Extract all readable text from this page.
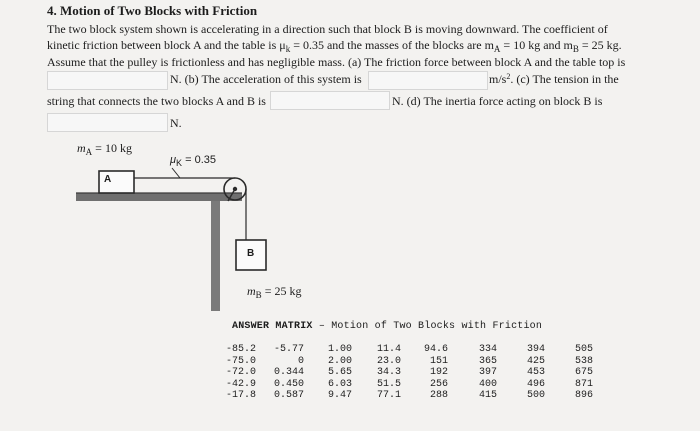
4. Motion of Two Blocks with Friction
The two block system shown is accelerating in a direction such that block B is moving downward. The coefficient of
kinetic friction between block A and the table is $\mu_k = 0.35$ and the masses of the blocks are $m_A = 10$ kg and $m_B = 25$ kg.
Assume that the pulley is frictionless and has negligible mass. (a) The friction force between block A and the table top is
N. (b) The acceleration of this system is	$m/s^2$. (c) The tension in the
string that connects the two blocks A and B is	N. (d) The inertia force acting on block B is
N.
A
B
$m_A = 10$ kg
$\mu_K = 0.35$
$m_B = 25$ kg
ANSWER MATRIX – Motion of Two Blocks with Friction
-85.2	-5.77	1.00	11.4	94.6	334	394	505
-75.0	0	2.00	23.0	151	365	425	538
-72.0	0.344	5.65	34.3	192	397	453	675
-42.9	0.450	6.03	51.5	256	400	496	871
-17.8	0.587	9.47	77.1	288	415	500	896
